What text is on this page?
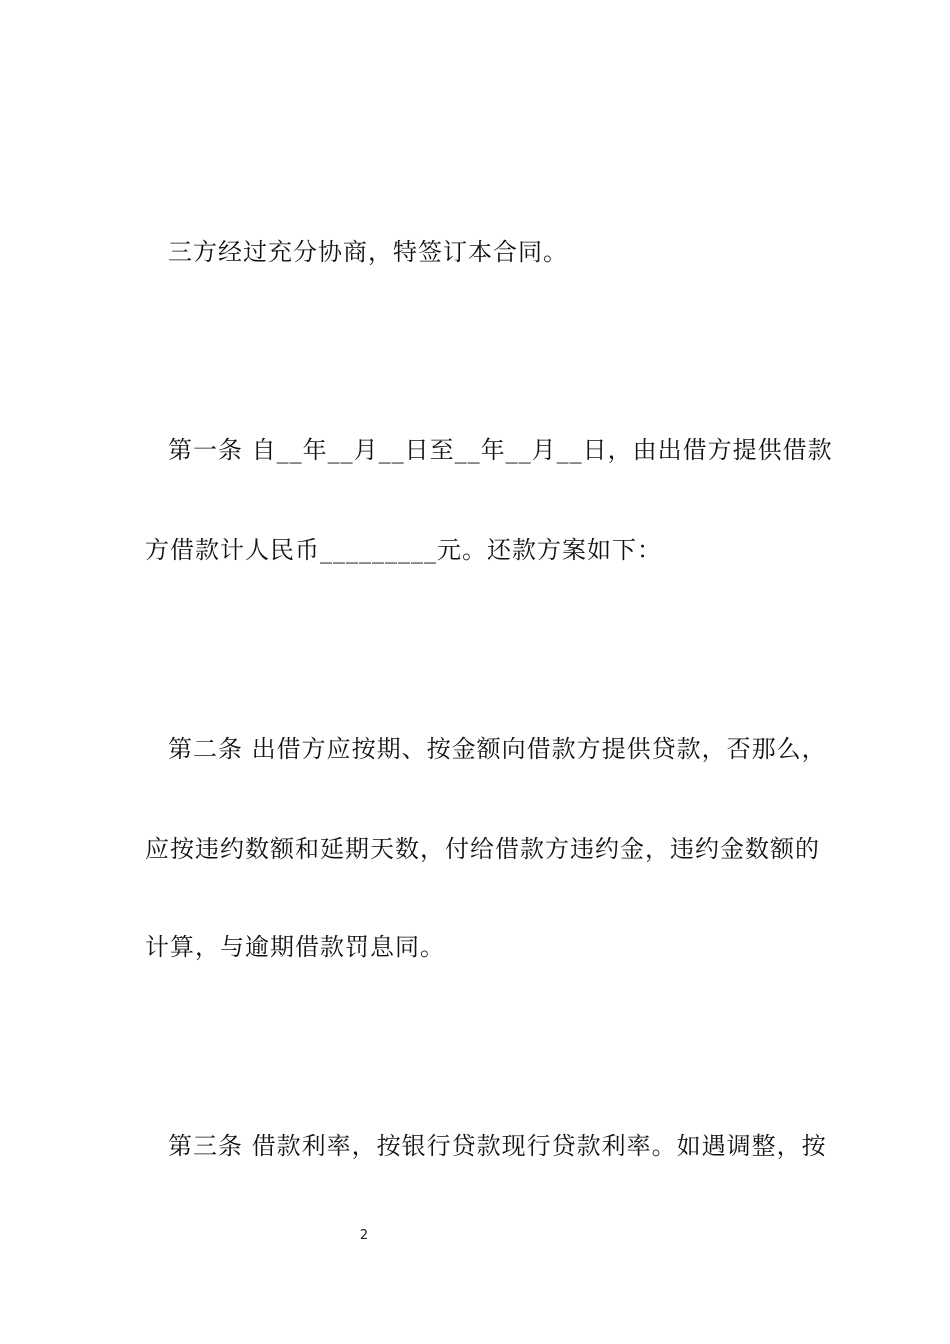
三方经过充分协商，特签订本合同。
第一条 自__年__月__日至__年__月__日，由出借方提供借款
方借款计人民币_________元。还款方案如下：
第二条 出借方应按期、按金额向借款方提供贷款，否那么，
应按违约数额和延期天数，付给借款方违约金，违约金数额的
计算，与逾期借款罚息同。
第三条 借款利率，按银行贷款现行贷款利率。如遇调整，按
2
